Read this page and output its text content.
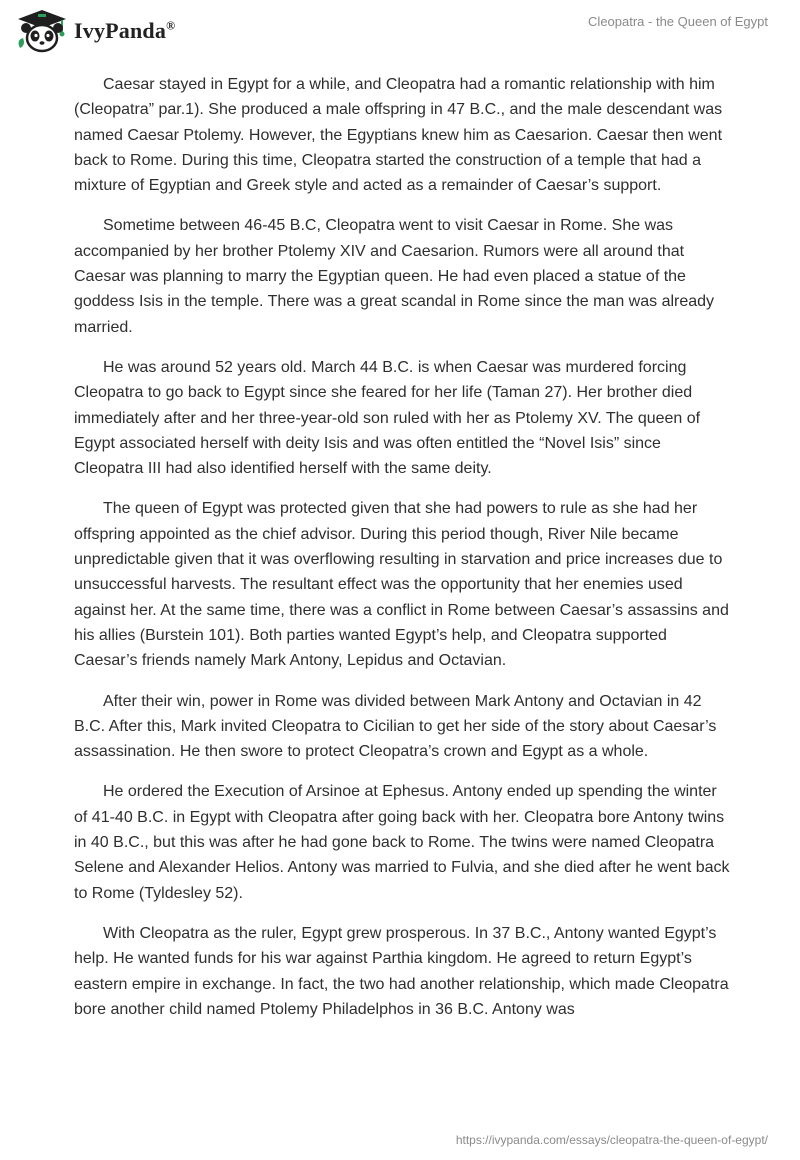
IvyPanda®	Cleopatra - the Queen of Egypt

Caesar stayed in Egypt for a while, and Cleopatra had a romantic relationship with him (Cleopatra” par.1). She produced a male offspring in 47 B.C., and the male descendant was named Caesar Ptolemy. However, the Egyptians knew him as Caesarion. Caesar then went back to Rome. During this time, Cleopatra started the construction of a temple that had a mixture of Egyptian and Greek style and acted as a remainder of Caesar’s support.

Sometime between 46-45 B.C, Cleopatra went to visit Caesar in Rome. She was accompanied by her brother Ptolemy XIV and Caesarion. Rumors were all around that Caesar was planning to marry the Egyptian queen. He had even placed a statue of the goddess Isis in the temple. There was a great scandal in Rome since the man was already married.

He was around 52 years old. March 44 B.C. is when Caesar was murdered forcing Cleopatra to go back to Egypt since she feared for her life (Taman 27). Her brother died immediately after and her three-year-old son ruled with her as Ptolemy XV. The queen of Egypt associated herself with deity Isis and was often entitled the “Novel Isis” since Cleopatra III had also identified herself with the same deity.

The queen of Egypt was protected given that she had powers to rule as she had her offspring appointed as the chief advisor. During this period though, River Nile became unpredictable given that it was overflowing resulting in starvation and price increases due to unsuccessful harvests. The resultant effect was the opportunity that her enemies used against her. At the same time, there was a conflict in Rome between Caesar’s assassins and his allies (Burstein 101). Both parties wanted Egypt’s help, and Cleopatra supported Caesar’s friends namely Mark Antony, Lepidus and Octavian.

After their win, power in Rome was divided between Mark Antony and Octavian in 42 B.C. After this, Mark invited Cleopatra to Cicilian to get her side of the story about Caesar’s assassination. He then swore to protect Cleopatra’s crown and Egypt as a whole.

He ordered the Execution of Arsinoe at Ephesus. Antony ended up spending the winter of 41-40 B.C. in Egypt with Cleopatra after going back with her. Cleopatra bore Antony twins in 40 B.C., but this was after he had gone back to Rome. The twins were named Cleopatra Selene and Alexander Helios. Antony was married to Fulvia, and she died after he went back to Rome (Tyldesley 52).

With Cleopatra as the ruler, Egypt grew prosperous. In 37 B.C., Antony wanted Egypt’s help. He wanted funds for his war against Parthia kingdom. He agreed to return Egypt’s eastern empire in exchange. In fact, the two had another relationship, which made Cleopatra bore another child named Ptolemy Philadelphos in 36 B.C. Antony was

https://ivypanda.com/essays/cleopatra-the-queen-of-egypt/
